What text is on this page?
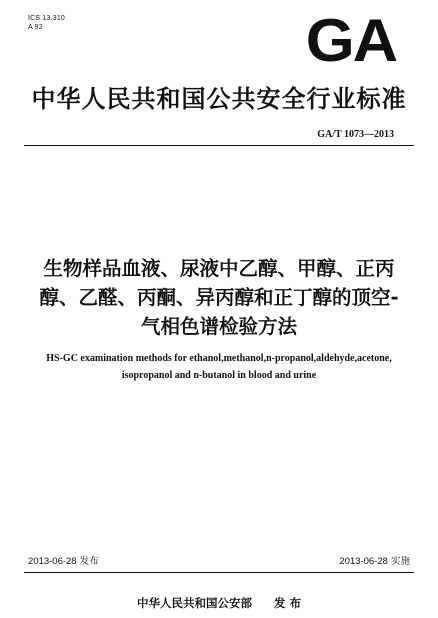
ICS 13.310
A 92	GA
中华人民共和国公共安全行业标准
GA/T 1073—2013
生物样品血液、尿液中乙醇、甲醇、正丙
醇、乙醛、丙酮、异丙醇和正丁醇的顶空-
气相色谱检验方法
HS-GC examination methods for ethanol,methanol,n-propanol,aldehyde,acetone,
isopropanol and n-butanol in blood and urine
2013-06-28 发布	2013-06-28 实施
中华人民共和国公安部 发 布
